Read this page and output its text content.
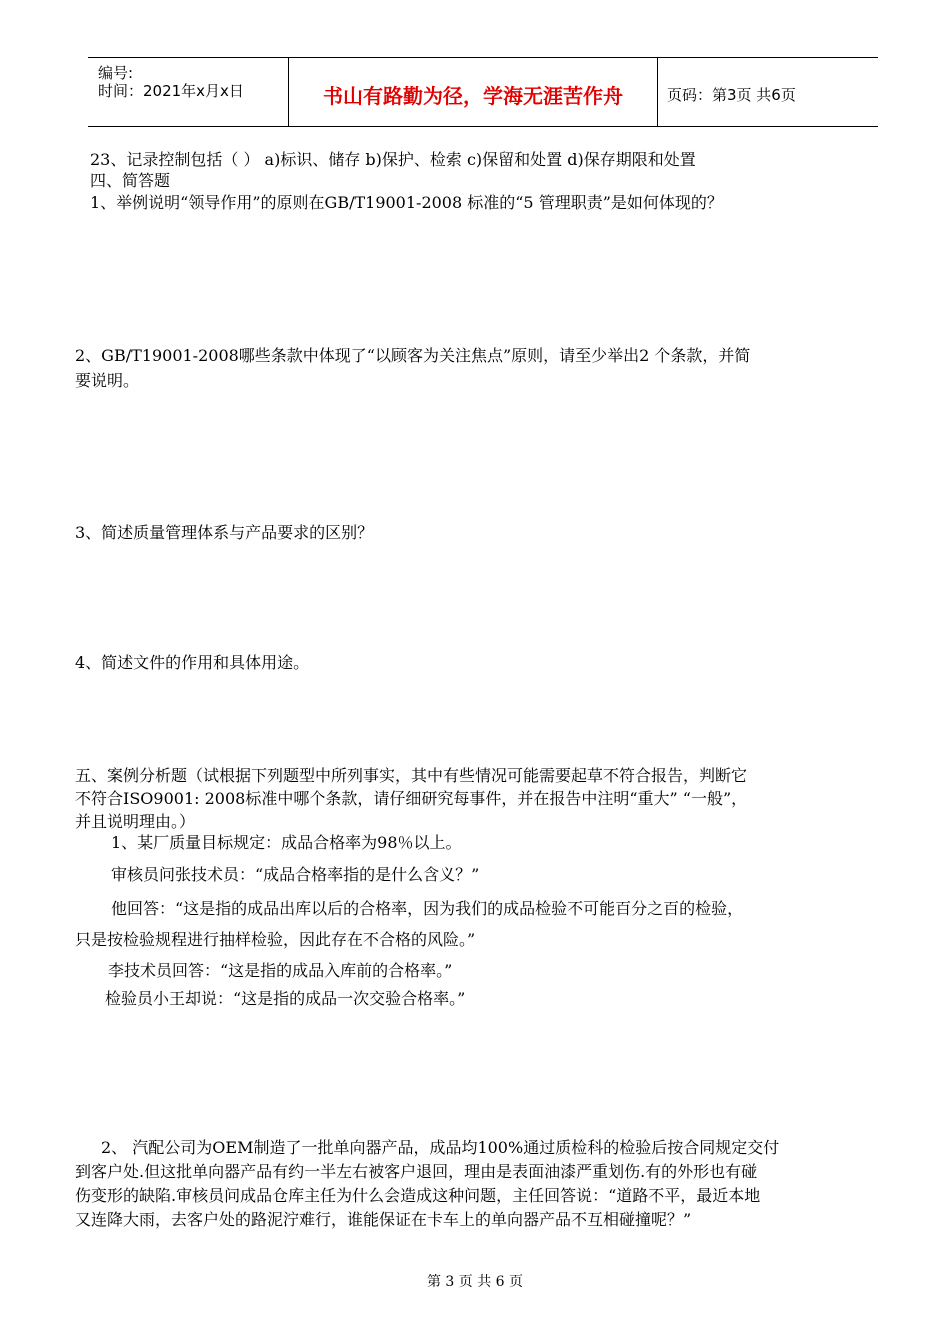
编号:
时间：2021年x月x日	书山有路勤为径，学海无涯苦作舟	页码：第3页 共6页
23、记录控制包括（ ） a)标识、储存 b)保护、检索 c)保留和处置 d)保存期限和处置
四、简答题
1、举例说明“领导作用”的原则在GB/T19001-2008 标准的“5 管理职责”是如何体现的？
2、GB/T19001-2008哪些条款中体现了“以顾客为关注焦点”原则，请至少举出2 个条款，并简
要说明。
3、简述质量管理体系与产品要求的区别？
4、简述文件的作用和具体用途。
五、案例分析题（试根据下列题型中所列事实，其中有些情况可能需要起草不符合报告，判断它
不符合ISO9001: 2008标准中哪个条款，请仔细研究每事件，并在报告中注明“重大” “一般”，
并且说明理由。）
1、某厂质量目标规定：成品合格率为98％以上。
审核员问张技术员：“成品合格率指的是什么含义？”
他回答：“这是指的成品出库以后的合格率，因为我们的成品检验不可能百分之百的检验，
只是按检验规程进行抽样检验，因此存在不合格的风险。”
李技术员回答：“这是指的成品入库前的合格率。”
检验员小王却说：“这是指的成品一次交验合格率。”
2、 汽配公司为OEM制造了一批单向器产品，成品均100%通过质检科的检验后按合同规定交付
到客户处.但这批单向器产品有约一半左右被客户退回，理由是表面油漆严重划伤.有的外形也有碰
伤变形的缺陷.审核员问成品仓库主任为什么会造成这种问题，主任回答说：“道路不平，最近本地
又连降大雨，去客户处的路泥泞难行，谁能保证在卡车上的单向器产品不互相碰撞呢？”
第 3 页 共 6 页
